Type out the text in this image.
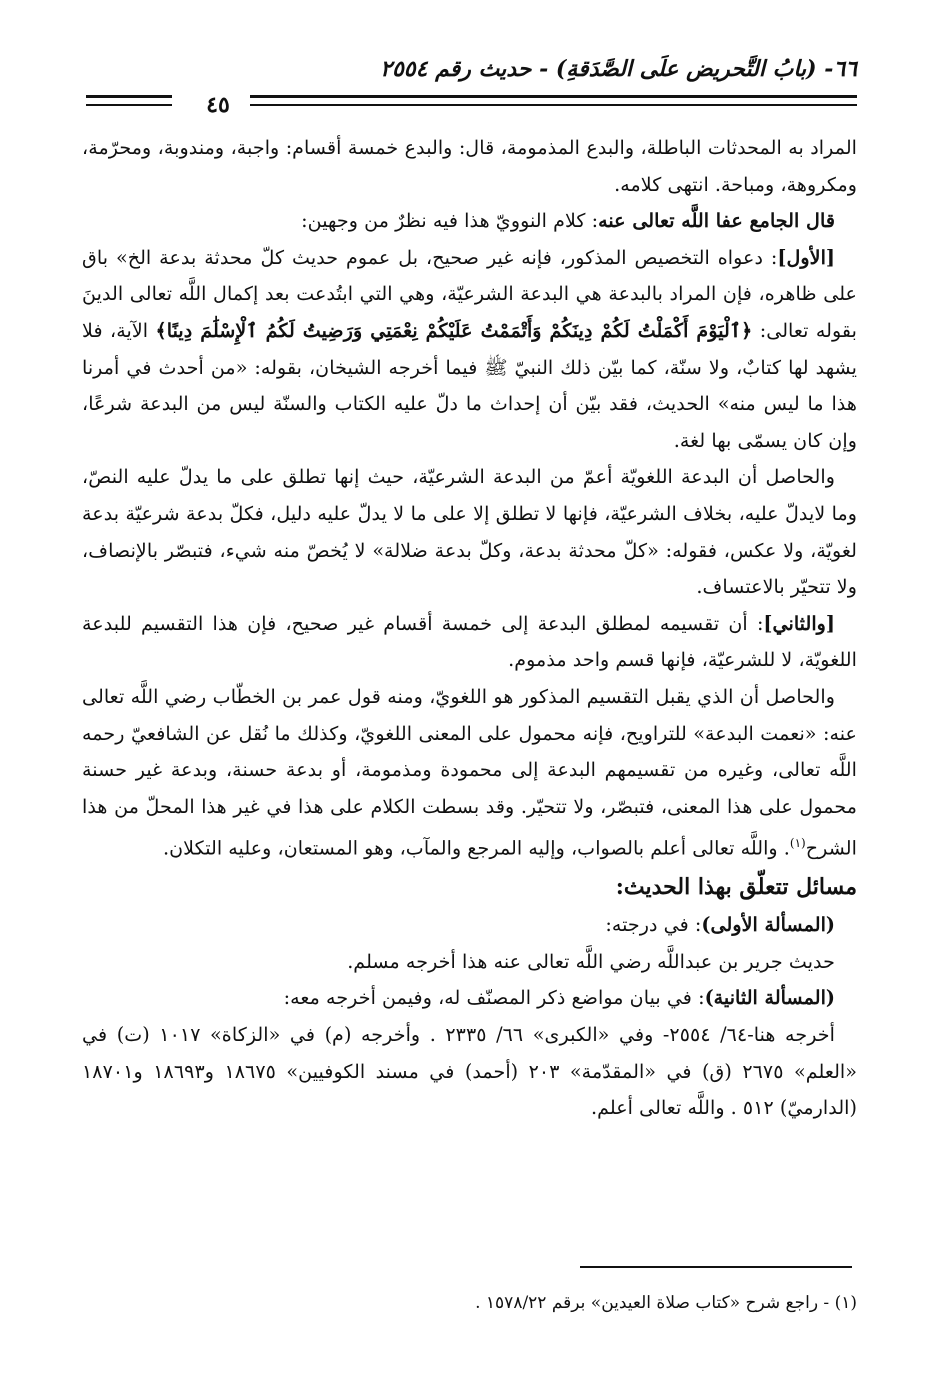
٦٦- (بابُ التَّحريض علَى الصَّدَقةِ) - حديث رقم ٢٥٥٤
٤٥

المراد به المحدثات الباطلة، والبدع المذمومة، قال: والبدع خمسة أقسام: واجبة، ومندوبة، ومحرّمة، ومكروهة، ومباحة. انتهى كلامه.

قال الجامع عفا اللَّه تعالى عنه: كلام النوويّ هذا فيه نظرٌ من وجهين:

[الأول]: دعواه التخصيص المذكور، فإنه غير صحيح، بل عموم حديث كلّ محدثة بدعة الخ» باق على ظاهره، فإن المراد بالبدعة هي البدعة الشرعيّة، وهي التي ابتُدعت بعد إكمال اللَّه تعالى الدينَ بقوله تعالى: ﴿ٱلْيَوْمَ أَكْمَلْتُ لَكُمْ دِينَكُمْ وَأَتْمَمْتُ عَلَيْكُمْ نِعْمَتِي وَرَضِيتُ لَكُمُ ٱلْإِسْلَٰمَ دِينًا﴾ الآية، فلا يشهد لها كتابٌ، ولا سنّة، كما بيّن ذلك النبيّ ﷺ فيما أخرجه الشيخان، بقوله: «من أحدث في أمرنا هذا ما ليس منه» الحديث، فقد بيّن أن إحداث ما دلّ عليه الكتاب والسنّة ليس من البدعة شرعًا، وإن كان يسمّى بها لغة.

والحاصل أن البدعة اللغويّة أعمّ من البدعة الشرعيّة، حيث إنها تطلق على ما يدلّ عليه النصّ، وما لايدلّ عليه، بخلاف الشرعيّة، فإنها لا تطلق إلا على ما لا يدلّ عليه دليل، فكلّ بدعة شرعيّة بدعة لغويّة، ولا عكس، فقوله: «كلّ محدثة بدعة، وكلّ بدعة ضلالة» لا يُخصّ منه شيء، فتبصّر بالإنصاف، ولا تتحيّر بالاعتساف.

[والثاني]: أن تقسيمه لمطلق البدعة إلى خمسة أقسام غير صحيح، فإن هذا التقسيم للبدعة اللغويّة، لا للشرعيّة، فإنها قسم واحد مذموم.

والحاصل أن الذي يقبل التقسيم المذكور هو اللغويّ، ومنه قول عمر بن الخطّاب رضي اللَّه تعالى عنه: «نعمت البدعة» للتراويح، فإنه محمول على المعنى اللغويّ، وكذلك ما نُقل عن الشافعيّ رحمه اللَّه تعالى، وغيره من تقسيمهم البدعة إلى محمودة ومذمومة، أو بدعة حسنة، وبدعة غير حسنة محمول على هذا المعنى، فتبصّر، ولا تتحيّر. وقد بسطت الكلام على هذا في غير هذا المحلّ من هذا الشرح$^{(١)}$. واللَّه تعالى أعلم بالصواب، وإليه المرجع والمآب، وهو المستعان، وعليه التكلان.

مسائل تتعلّق بهذا الحديث:

(المسألة الأولى): في درجته:

حديث جرير بن عبداللَّه رضي اللَّه تعالى عنه هذا أخرجه مسلم.

(المسألة الثانية): في بيان مواضع ذكر المصنّف له، وفيمن أخرجه معه:

أخرجه هنا-٦٤/ ٢٥٥٤- وفي «الكبرى» ٦٦/ ٢٣٣٥ . وأخرجه (م) في «الزكاة» ١٠١٧ (ت) في «العلم» ٢٦٧٥ (ق) في «المقدّمة» ٢٠٣ (أحمد) في مسند الكوفيين» ١٨٦٧٥ و١٨٦٩٣ و١٨٧٠١ (الدارميّ) ٥١٢ . واللَّه تعالى أعلم.

(١) - راجع شرح «كتاب صلاة العيدين» برقم ١٥٧٨/٢٢ .
